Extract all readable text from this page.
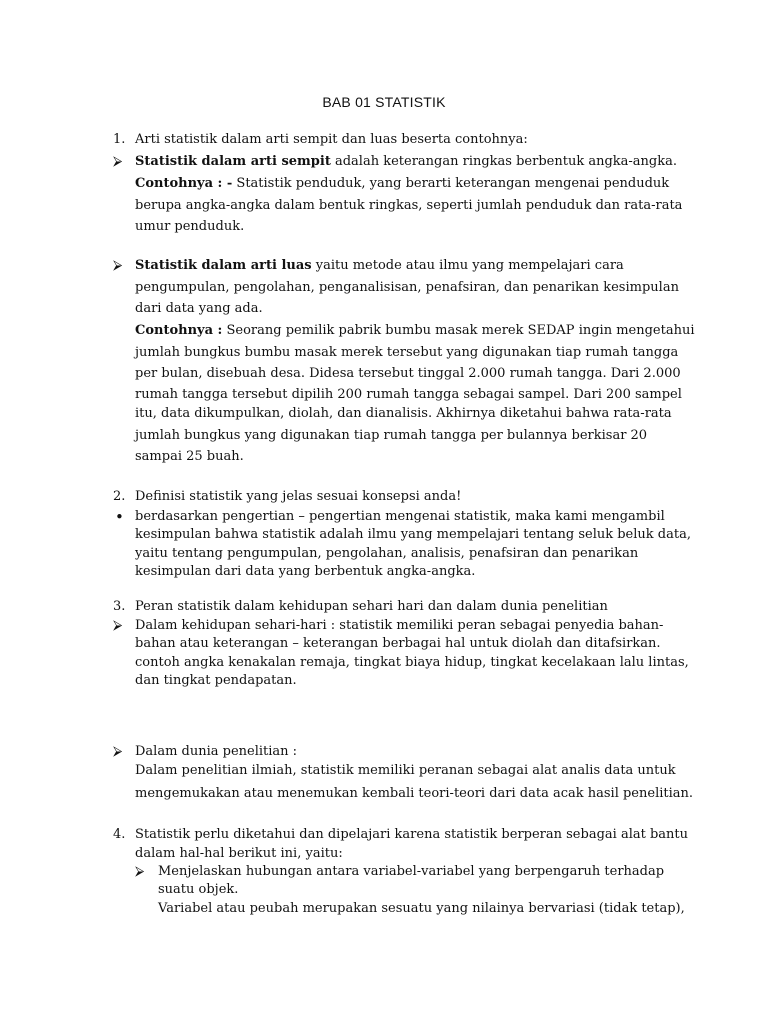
BAB 01 STATISTIK
1. Arti statistik dalam arti sempit dan luas beserta contohnya:
⮚ Statistik dalam arti sempit adalah keterangan ringkas berbentuk angka-angka.
Contohnya : - Statistik penduduk, yang berarti keterangan mengenai penduduk
berupa angka-angka dalam bentuk ringkas, seperti jumlah penduduk dan rata-rata
umur penduduk.
⮚ Statistik dalam arti luas yaitu metode atau ilmu yang mempelajari cara
pengumpulan, pengolahan, penganalisisan, penafsiran, dan penarikan kesimpulan
dari data yang ada.
Contohnya : Seorang pemilik pabrik bumbu masak merek SEDAP ingin mengetahui
jumlah bungkus bumbu masak merek tersebut yang digunakan tiap rumah tangga
per bulan, disebuah desa. Didesa tersebut tinggal 2.000 rumah tangga. Dari 2.000
rumah tangga tersebut dipilih 200 rumah tangga sebagai sampel. Dari 200 sampel
itu, data dikumpulkan, diolah, dan dianalisis. Akhirnya diketahui bahwa rata-rata
jumlah bungkus yang digunakan tiap rumah tangga per bulannya berkisar 20
sampai 25 buah.
2. Definisi statistik yang jelas sesuai konsepsi anda!
• berdasarkan pengertian – pengertian mengenai statistik, maka kami mengambil
kesimpulan bahwa statistik adalah ilmu yang mempelajari tentang seluk beluk data,
yaitu tentang pengumpulan, pengolahan, analisis, penafsiran dan penarikan
kesimpulan dari data yang berbentuk angka-angka.
3. Peran statistik dalam kehidupan sehari hari dan dalam dunia penelitian
⮚ Dalam kehidupan sehari-hari : statistik memiliki peran sebagai penyedia bahan-
bahan atau keterangan – keterangan berbagai hal untuk diolah dan ditafsirkan.
contoh angka kenakalan remaja, tingkat biaya hidup, tingkat kecelakaan lalu lintas,
dan tingkat pendapatan.
⮚ Dalam dunia penelitian :
Dalam penelitian ilmiah, statistik memiliki peranan sebagai alat analis data untuk
mengemukakan atau menemukan kembali teori-teori dari data acak hasil penelitian.
4. Statistik perlu diketahui dan dipelajari karena statistik berperan sebagai alat bantu
dalam hal-hal berikut ini, yaitu:
⮚ Menjelaskan hubungan antara variabel-variabel yang berpengaruh terhadap
suatu objek.
Variabel atau peubah merupakan sesuatu yang nilainya bervariasi (tidak tetap),
